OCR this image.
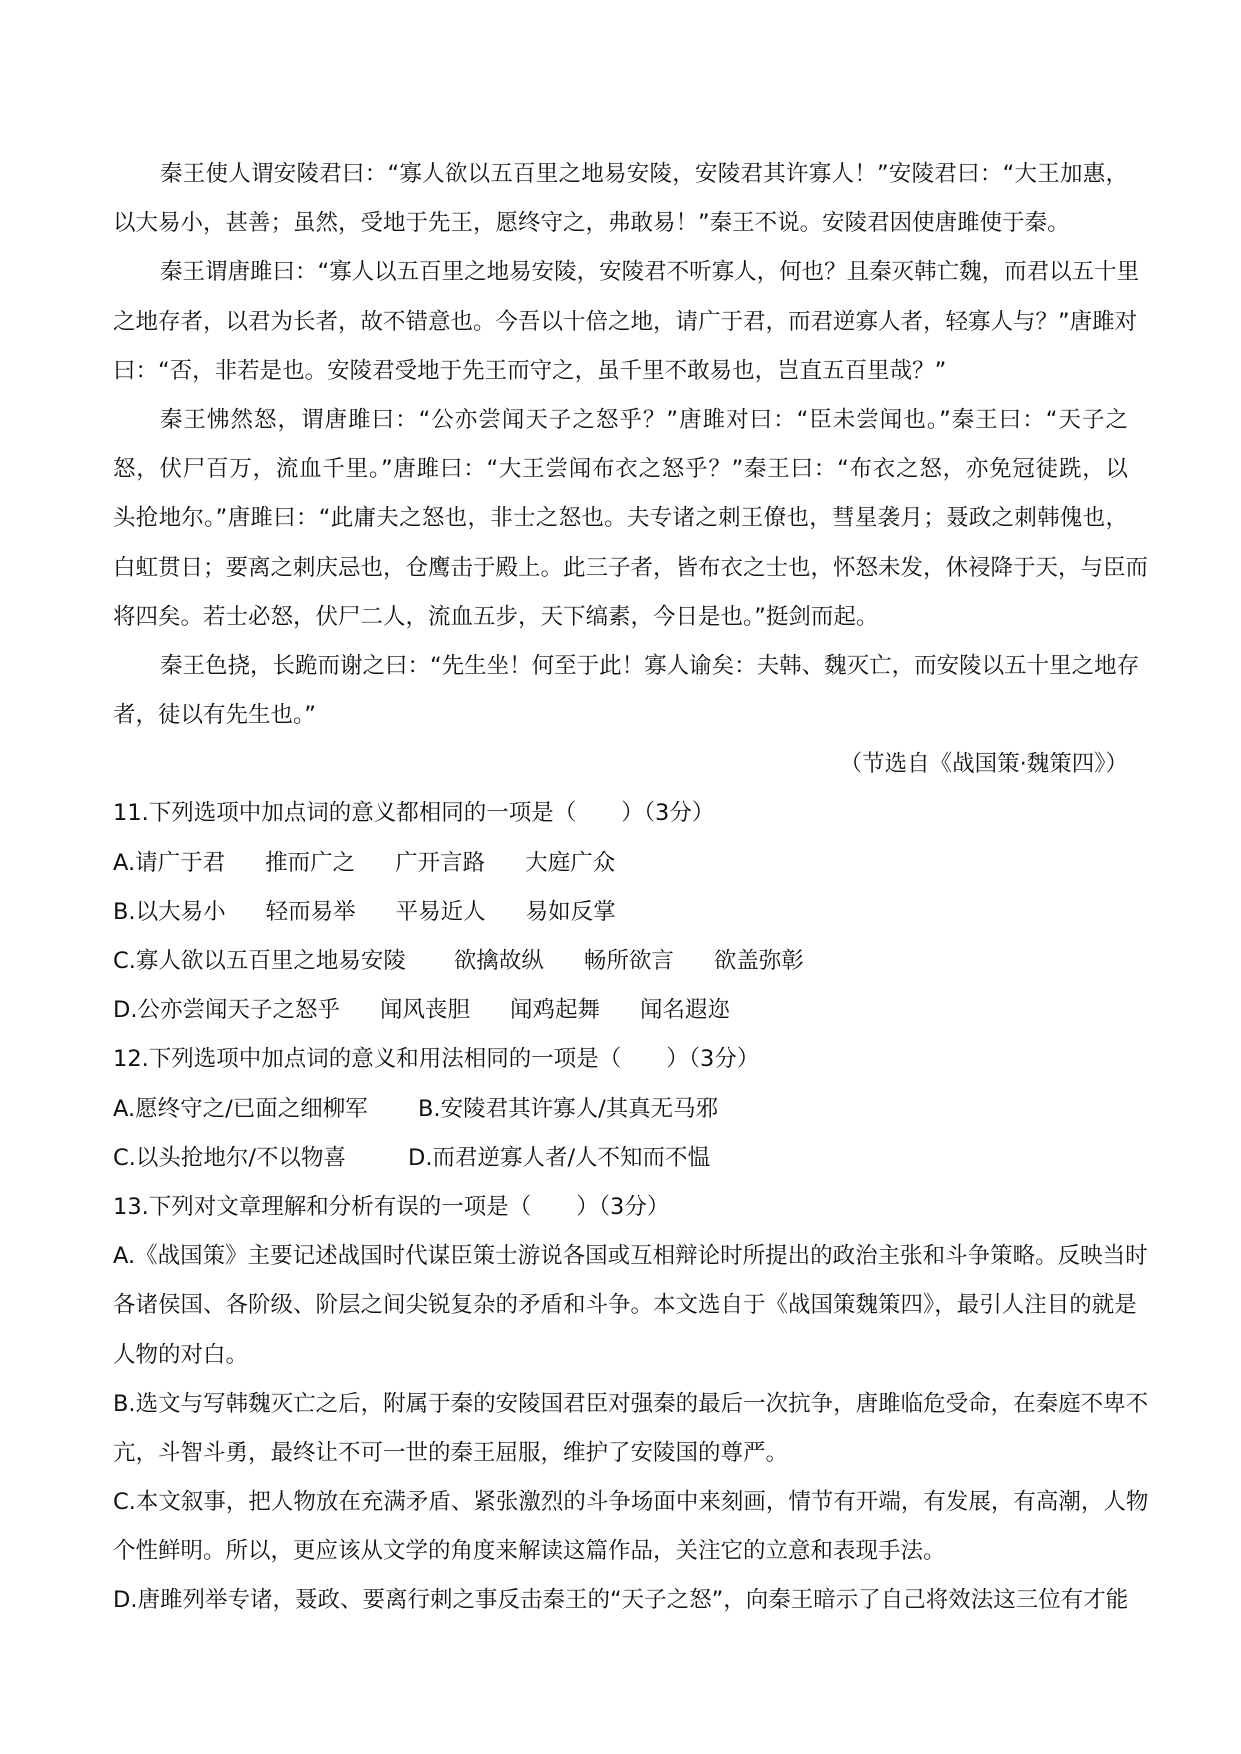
秦王使人谓安陵君曰：“寡人欲以五百里之地易安陵，安陵君其许寡人！”安陵君曰：“大王加惠，
以大易小，甚善；虽然，受地于先王，愿终守之，弗敢易！”秦王不说。安陵君因使唐雎使于秦。
秦王谓唐雎曰：“寡人以五百里之地易安陵，安陵君不听寡人，何也？且秦灭韩亡魏，而君以五十里
之地存者，以君为长者，故不错意也。今吾以十倍之地，请广于君，而君逆寡人者，轻寡人与？”唐雎对
曰：“否，非若是也。安陵君受地于先王而守之，虽千里不敢易也，岂直五百里哉？”
秦王怫然怒，谓唐雎曰：“公亦尝闻天子之怒乎？”唐雎对曰：“臣未尝闻也。”秦王曰：“天子之
怒，伏尸百万，流血千里。”唐雎曰：“大王尝闻布衣之怒乎？”秦王曰：“布衣之怒，亦免冠徒跣，以
头抢地尔。”唐雎曰：“此庸夫之怒也，非士之怒也。夫专诸之刺王僚也，彗星袭月；聂政之刺韩傀也，
白虹贯日；要离之刺庆忌也，仓鹰击于殿上。此三子者，皆布衣之士也，怀怒未发，休祲降于天，与臣而
将四矣。若士必怒，伏尸二人，流血五步，天下缟素，今日是也。”挺剑而起。
秦王色挠，长跪而谢之曰：“先生坐！何至于此！寡人谕矣：夫韩、魏灭亡，而安陵以五十里之地存
者，徒以有先生也。”
（节选自《战国策·魏策四》）
11.下列选项中加点词的意义都相同的一项是（　　）（3分）
A.请广于君 推而广之 广开言路 大庭广众
B.以大易小 轻而易举 平易近人 易如反掌
C.寡人欲以五百里之地易安陵 欲擒故纵 畅所欲言 欲盖弥彰
D.公亦尝闻天子之怒乎 闻风丧胆 闻鸡起舞 闻名遐迩
12.下列选项中加点词的意义和用法相同的一项是（　　）（3分）
A.愿终守之/已面之细柳军 B.安陵君其许寡人/其真无马邪
C.以头抢地尔/不以物喜	D.而君逆寡人者/人不知而不愠
13.下列对文章理解和分析有误的一项是（　　）（3分）
A.《战国策》主要记述战国时代谋臣策士游说各国或互相辩论时所提出的政治主张和斗争策略。反映当时
各诸侯国、各阶级、阶层之间尖锐复杂的矛盾和斗争。本文选自于《战国策魏策四》，最引人注目的就是
人物的对白。
B.选文与写韩魏灭亡之后，附属于秦的安陵国君臣对强秦的最后一次抗争，唐雎临危受命，在秦庭不卑不
亢，斗智斗勇，最终让不可一世的秦王屈服，维护了安陵国的尊严。
C.本文叙事，把人物放在充满矛盾、紧张激烈的斗争场面中来刻画，情节有开端，有发展，有高潮，人物
个性鲜明。所以，更应该从文学的角度来解读这篇作品，关注它的立意和表现手法。
D.唐雎列举专诸，聂政、要离行刺之事反击秦王的“天子之怒”，向秦王暗示了自己将效法这三位有才能
